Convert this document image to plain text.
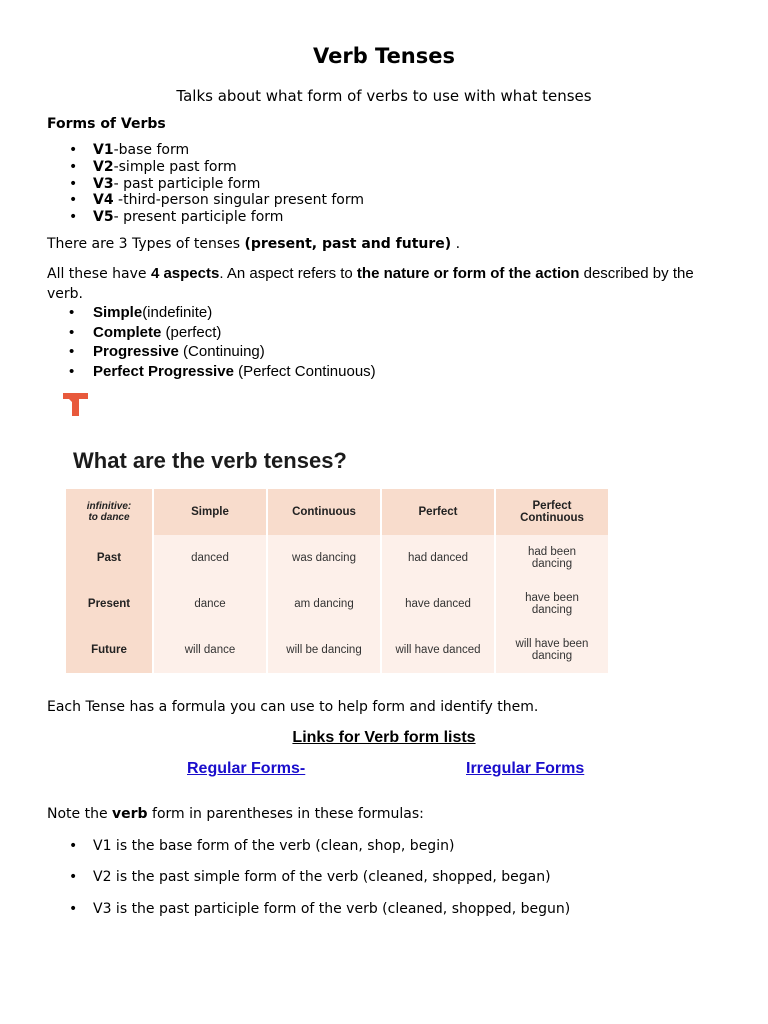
Verb Tenses
Talks about what form of verbs to use with what tenses
Forms of Verbs
• V1-base form
• V2-simple past form
• V3- past participle form
• V4 -third-person singular present form
• V5- present participle form
There are 3 Types of tenses (present, past and future) .
All these have 4 aspects. An aspect refers to the nature or form of the action described by the
verb.
• Simple(indefinite)
• Complete (perfect)
• Progressive (Continuing)
• Perfect Progressive (Perfect Continuous)
What are the verb tenses?
infinitive:
to dance	Simple	Continuous	Perfect	Perfect
Continuous
Past	danced	was dancing	had danced	had been
dancing
Present	dance	am dancing	have danced	have been
dancing
Future	will dance	will be dancing	will have danced	will have been
dancing
Each Tense has a formula you can use to help form and identify them.
Links for Verb form lists
Regular Forms-	Irregular Forms
Note the verb form in parentheses in these formulas:
• V1 is the base form of the verb (clean, shop, begin)
• V2 is the past simple form of the verb (cleaned, shopped, began)
• V3 is the past participle form of the verb (cleaned, shopped, begun)
